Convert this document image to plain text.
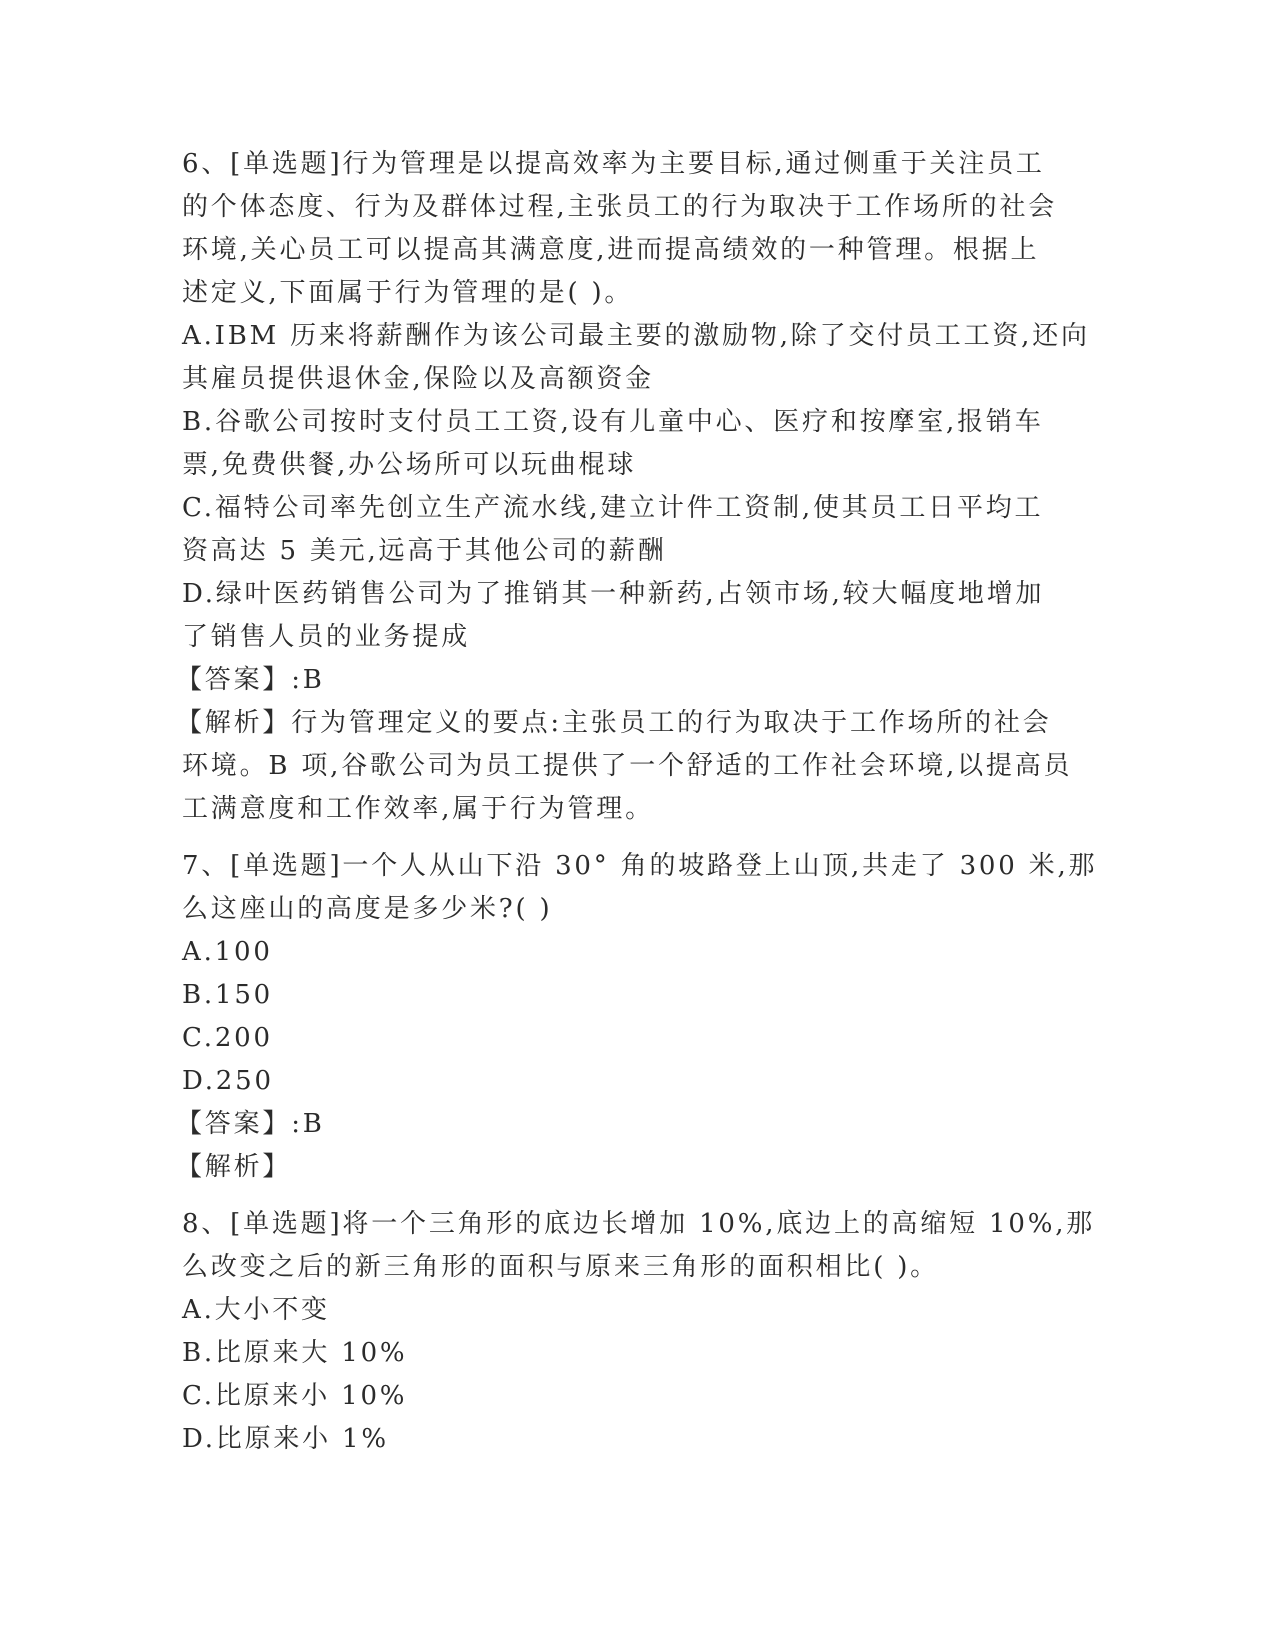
6、[单选题]行为管理是以提高效率为主要目标,通过侧重于关注员工
的个体态度、行为及群体过程,主张员工的行为取决于工作场所的社会
环境,关心员工可以提高其满意度,进而提高绩效的一种管理。根据上
述定义,下面属于行为管理的是( )。
A.IBM 历来将薪酬作为该公司最主要的激励物,除了交付员工工资,还向
其雇员提供退休金,保险以及高额资金
B.谷歌公司按时支付员工工资,设有儿童中心、医疗和按摩室,报销车
票,免费供餐,办公场所可以玩曲棍球
C.福特公司率先创立生产流水线,建立计件工资制,使其员工日平均工
资高达 5 美元,远高于其他公司的薪酬
D.绿叶医药销售公司为了推销其一种新药,占领市场,较大幅度地增加
了销售人员的业务提成
【答案】:B
【解析】行为管理定义的要点:主张员工的行为取决于工作场所的社会
环境。B 项,谷歌公司为员工提供了一个舒适的工作社会环境,以提高员
工满意度和工作效率,属于行为管理。
7、[单选题]一个人从山下沿 30° 角的坡路登上山顶,共走了 300 米,那
么这座山的高度是多少米?( )
A.100
B.150
C.200
D.250
【答案】:B
【解析】
8、[单选题]将一个三角形的底边长增加 10%,底边上的高缩短 10%,那
么改变之后的新三角形的面积与原来三角形的面积相比( )。
A.大小不变
B.比原来大 10%
C.比原来小 10%
D.比原来小 1%
